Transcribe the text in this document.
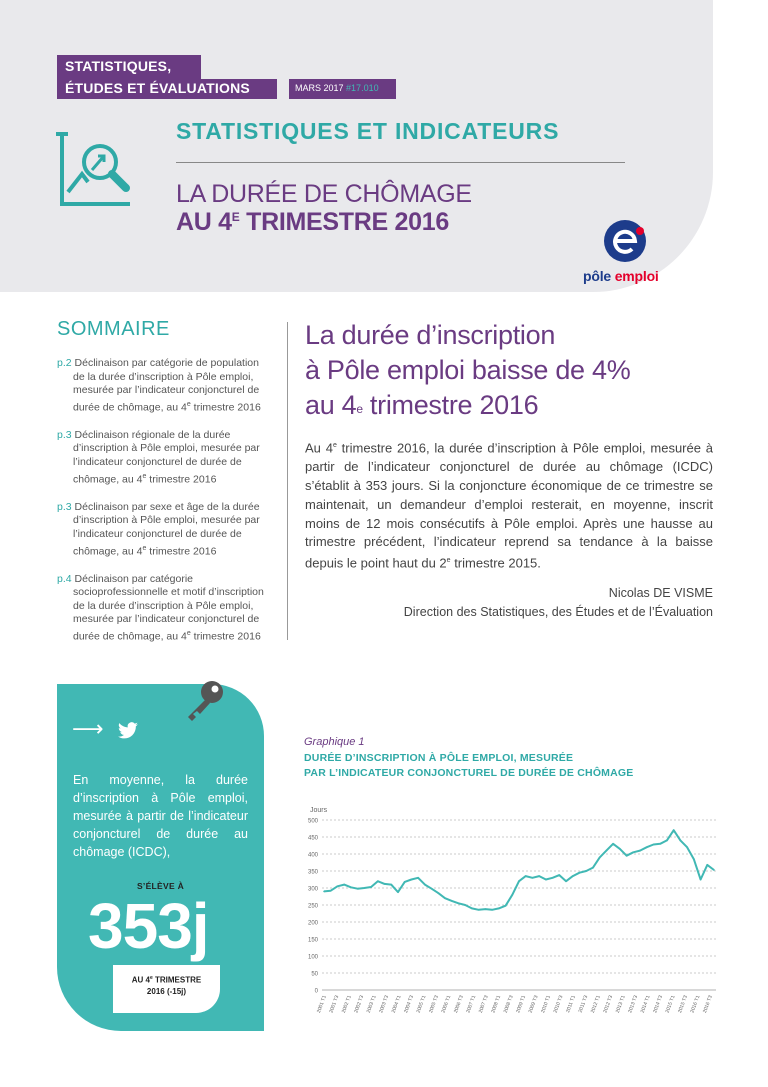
STATISTIQUES,
ÉTUDES ET ÉVALUATIONS	MARS 2017 #17.010
STATISTIQUES ET INDICATEURS
LA DURÉE DE CHÔMAGE
AU $4^E$ TRIMESTRE 2016
pôle emploi
SOMMAIRE
p.2 Déclinaison par catégorie de population de la durée d’inscription à Pôle emploi, mesurée par l’indicateur conjoncturel de durée de chômage, au 4e trimestre 2016
p.3 Déclinaison régionale de la durée d’inscription à Pôle emploi, mesurée par l’indicateur conjoncturel de durée de chômage, au 4e trimestre 2016
p.3 Déclinaison par sexe et âge de la durée d’inscription à Pôle emploi, mesurée par l’indicateur conjoncturel de durée de chômage, au 4e trimestre 2016
p.4 Déclinaison par catégorie socioprofessionnelle et motif d’inscription de la durée d’inscription à Pôle emploi, mesurée par l’indicateur conjoncturel de durée de chômage, au 4e trimestre 2016
La durée d’inscription
à Pôle emploi baisse de 4%
au 4e trimestre 2016
Au 4e trimestre 2016, la durée d’inscription à Pôle emploi, mesurée à partir de l’indicateur conjoncturel de durée au chômage (ICDC) s’établit à 353 jours. Si la conjoncture économique de ce trimestre se maintenait, un demandeur d’emploi resterait, en moyenne, inscrit moins de 12 mois consécutifs à Pôle emploi. Après une hausse au trimestre précédent, l’indicateur reprend sa tendance à la baisse depuis le point haut du 2e trimestre 2015.
Nicolas DE VISME
Direction des Statistiques, des Études et de l’Évaluation
⟶
En moyenne, la durée d’inscription à Pôle emploi, mesurée à partir de l’indicateur conjoncturel de durée au chômage (ICDC),
S’ÉLÈVE À
353j
AU 4e TRIMESTRE
2016 (-15j)
Graphique 1
DURÉE D’INSCRIPTION À PÔLE EMPLOI, MESURÉE
PAR L’INDICATEUR CONJONCTUREL DE DURÉE DE CHÔMAGE
Jours
0
50
100
150
200
250
300
350
400
450
500
2001 T1 2001 T3 2002 T1 2002 T3 2003 T1 2003 T3 2004 T1 2004 T3 2005 T1 2005 T3 2006 T1 2006 T3 2007 T1 2007 T3 2008 T1 2008 T3 2009 T1 2009 T3 2010 T1 2010 T3 2011 T1 2011 T3 2012 T1 2012 T3 2013 T1 2013 T3 2014 T1 2014 T3 2015 T1 2015 T3 2016 T1 2016 T3
